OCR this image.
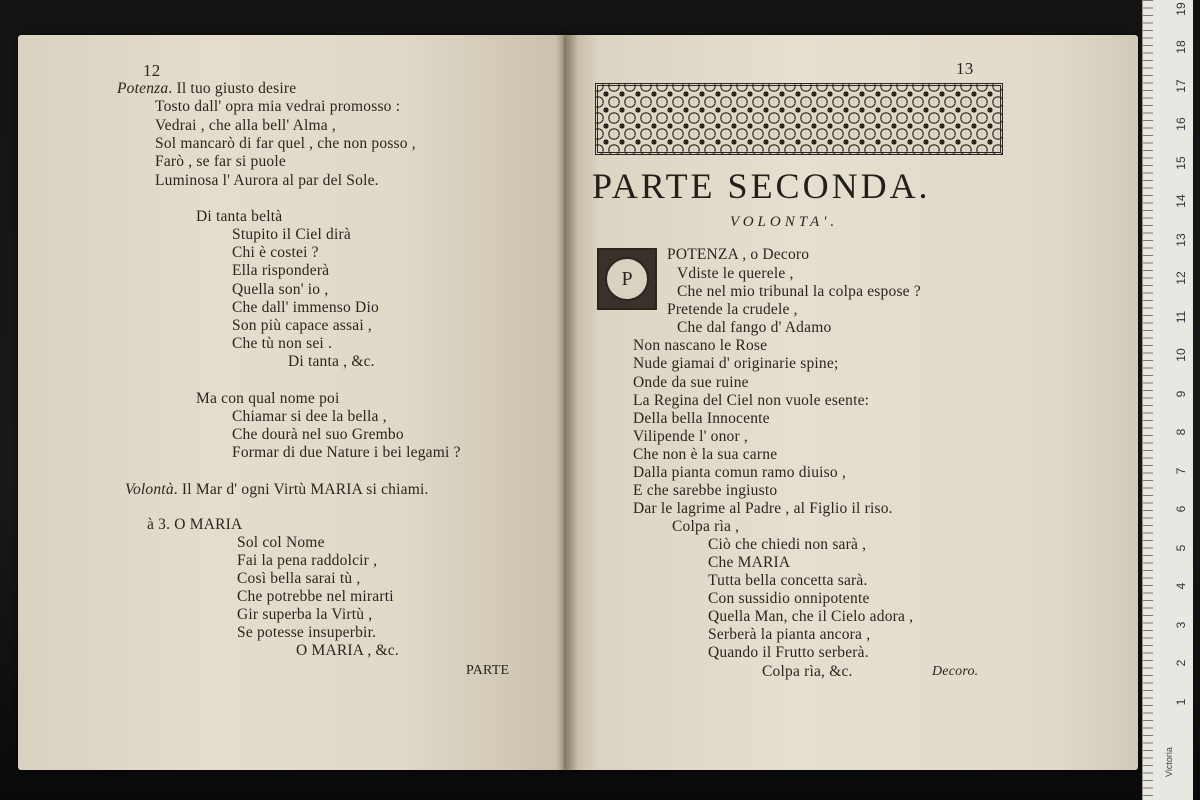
12
Potenza. Il tuo giusto desire
Tosto dall' opra mia vedrai promosso :
Vedrai , che alla bell' Alma ,
Sol mancarò di far quel , che non posso ,
Farò , se far si puole
Luminosa l' Aurora al par del Sole.
Di tanta beltà
Stupito il Ciel dirà
Chi è costei ?
Ella risponderà
Quella son' io ,
Che dall' immenso Dio
Son più capace assai ,
Che tù non sei .
Di tanta , &c.
Ma con qual nome poi
Chiamar si dee la bella ,
Che dourà nel suo Grembo
Formar di due Nature i bei legami ?
Volontà. Il Mar d' ogni Virtù MARIA si chiami.
à 3. O MARIA
Sol col Nome
Fai la pena raddolcir ,
Così bella sarai tù ,
Che potrebbe nel mirarti
Gir superba la Virtù ,
Se potesse insuperbir.
O MARIA , &c.
PARTE
13
PARTE SECONDA.
VOLONTA'.
P
POTENZA , o Decoro
Vdiste le querele ,
Che nel mio tribunal la colpa espose ?
Pretende la crudele ,
Che dal fango d' Adamo
Non nascano le Rose
Nude giamai d' originarie spine;
Onde da sue ruine
La Regina del Ciel non vuole esente:
Della bella Innocente
Vilipende l' onor ,
Che non è la sua carne
Dalla pianta comun ramo diuiso ,
E che sarebbe ingiusto
Dar le lagrime al Padre , al Figlio il riso.
Colpa rìa ,
Ciò che chiedi non sarà ,
Che MARIA
Tutta bella concetta sarà.
Con sussidio onnipotente
Quella Man, che il Cielo adora ,
Serberà la pianta ancora ,
Quando il Frutto serberà.
Colpa rìa, &c.	Decoro.
19
18
17
16
15
14
13
12
11
10
9
8
7
6
5
4
3
2
1
Victoria
